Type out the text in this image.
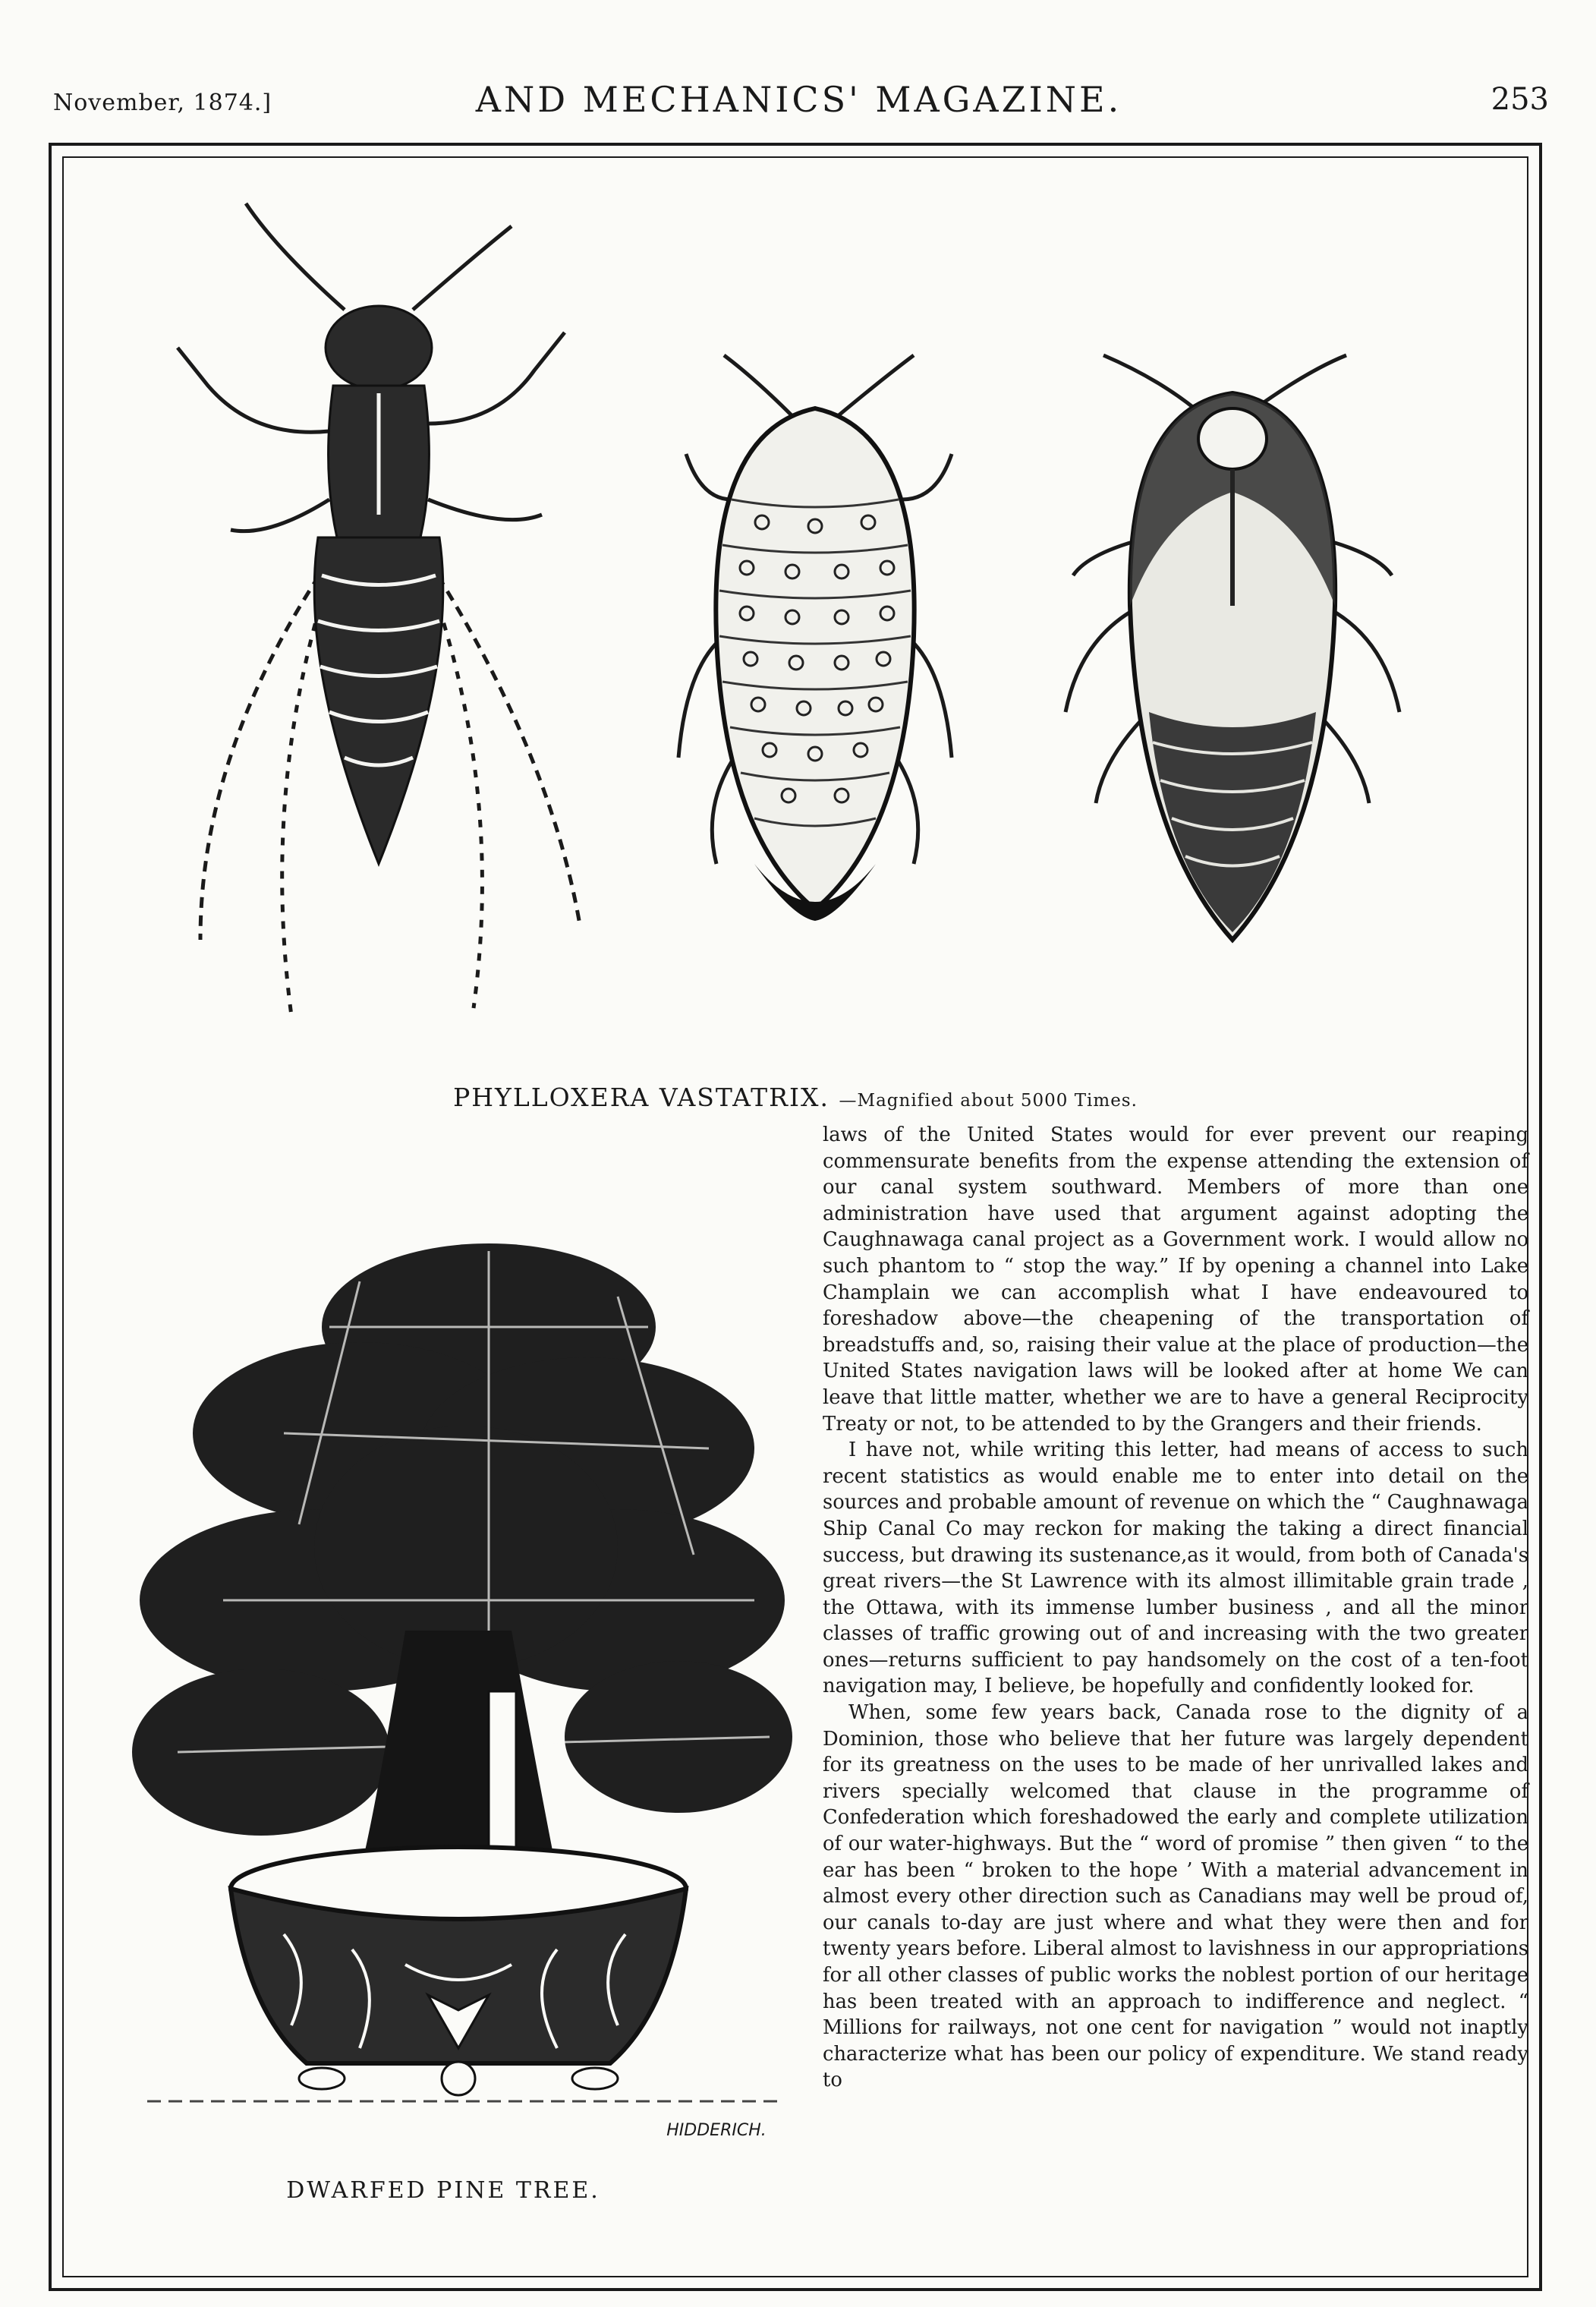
November, 1874.]	AND MECHANICS' MAGAZINE.	253
PHYLLOXERA VASTATRIX. —Magnified about 5000 Times.
HIDDERICH.
DWARFED PINE TREE.

laws of the United States would for ever prevent our reaping commensurate benefits from the expense attending the extension of our canal system southward. Members of more than one administration have used that argument against adopting the Caughnawaga canal project as a Government work. I would allow no such phantom to “ stop the way.” If by opening a channel into Lake Champlain we can accomplish what I have endeavoured to foreshadow above—the cheapening of the transportation of breadstuffs and, so, raising their value at the place of production—the United States navigation laws will be looked after at home We can leave that little matter, whether we are to have a general Reciprocity Treaty or not, to be attended to by the Grangers and their friends.

I have not, while writing this letter, had means of access to such recent statistics as would enable me to enter into detail on the sources and probable amount of revenue on which the “ Caughnawaga Ship Canal Co may reckon for making the taking a direct financial success, but drawing its sustenance,as it would, from both of Canada's great rivers—the St Lawrence with its almost illimitable grain trade , the Ottawa, with its immense lumber business , and all the minor classes of traffic growing out of and increasing with the two greater ones—returns sufficient to pay handsomely on the cost of a ten-foot navigation may, I believe, be hopefully and confidently looked for.

When, some few years back, Canada rose to the dignity of a Dominion, those who believe that her future was largely dependent for its greatness on the uses to be made of her unrivalled lakes and rivers specially welcomed that clause in the programme of Confederation which foreshadowed the early and complete utilization of our water-highways. But the “ word of promise ” then given “ to the ear has been “ broken to the hope ’ With a material advancement in almost every other direction such as Canadians may well be proud of, our canals to-day are just where and what they were then and for twenty years before. Liberal almost to lavishness in our appropriations for all other classes of public works the noblest portion of our heritage has been treated with an approach to indifference and neglect. “ Millions for railways, not one cent for navigation ” would not inaptly characterize what has been our policy of expenditure. We stand ready to
